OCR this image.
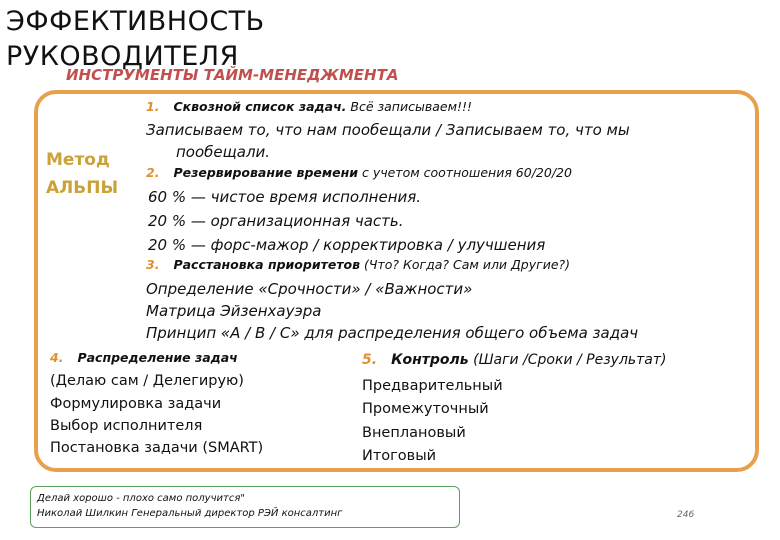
ЭФФЕКТИВНОСТЬ
РУКОВОДИТЕЛЯ
ИНСТРУМЕНТЫ ТАЙМ-МЕНЕДЖМЕНТА
Метод
АЛЬПЫ
1. Сквозной список задач. Всё записываем!!!
Записываем то, что нам пообещали / Записываем то, что мы
пообещали.
2. Резервирование времени с учетом соотношения 60/20/20
60 % — чистое время исполнения.
20 % — организационная часть.
20 % — форс-мажор / корректировка / улучшения
3. Расстановка приоритетов (Что? Когда? Сам или Другие?)
Определение «Срочности» / «Важности»
Матрица Эйзенхауэра
Принцип «А / В / С» для распределения общего объема задач
4. Распределение задач
(Делаю сам / Делегирую)
Формулировка задачи
Выбор исполнителя
Постановка задачи (SMART)
5. Контроль (Шаги /Сроки / Результат)
Предварительный
Промежуточный
Внеплановый
Итоговый
Делай хорошо - плохо само получится"
Николай Шилкин Генеральный директор РЭЙ консалтинг	246
